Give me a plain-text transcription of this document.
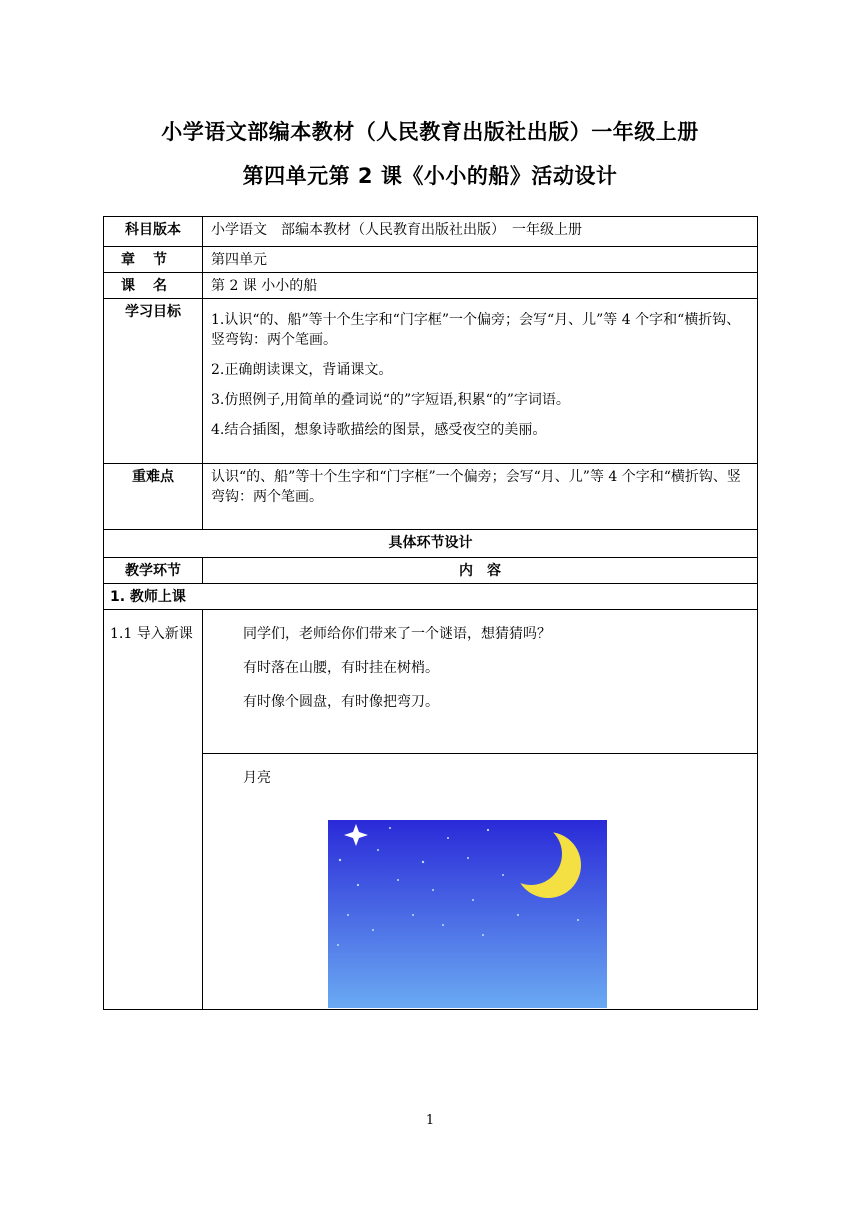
小学语文部编本教材（人民教育出版社出版）一年级上册
第四单元第 2 课《小小的船》活动设计
科目版本	小学语文　部编本教材（人民教育出版社出版）　一年级上册
章节	第四单元
课名	第 2 课 小小的船
学习目标	1.认识“的、船”等十个生字和“门字框”一个偏旁；会写“月、儿”等 4 个字和“横折钩、竖弯钩：两个笔画。

2.正确朗读课文，背诵课文。

3.仿照例子,用简单的叠词说“的”字短语,积累“的”字词语。

4.结合插图，想象诗歌描绘的图景，感受夜空的美丽。

重难点	认识“的、船”等十个生字和“门字框”一个偏旁；会写“月、儿”等 4 个字和“横折钩、竖弯钩：两个笔画。
具体环节设计	
教学环节	内　容
1. 教师上课	
1.1 导入新课	同学们，老师给你们带来了一个谜语，想猜猜吗？

有时落在山腰，有时挂在树梢。

有时像个圆盘，有时像把弯刀。

	月亮
1
